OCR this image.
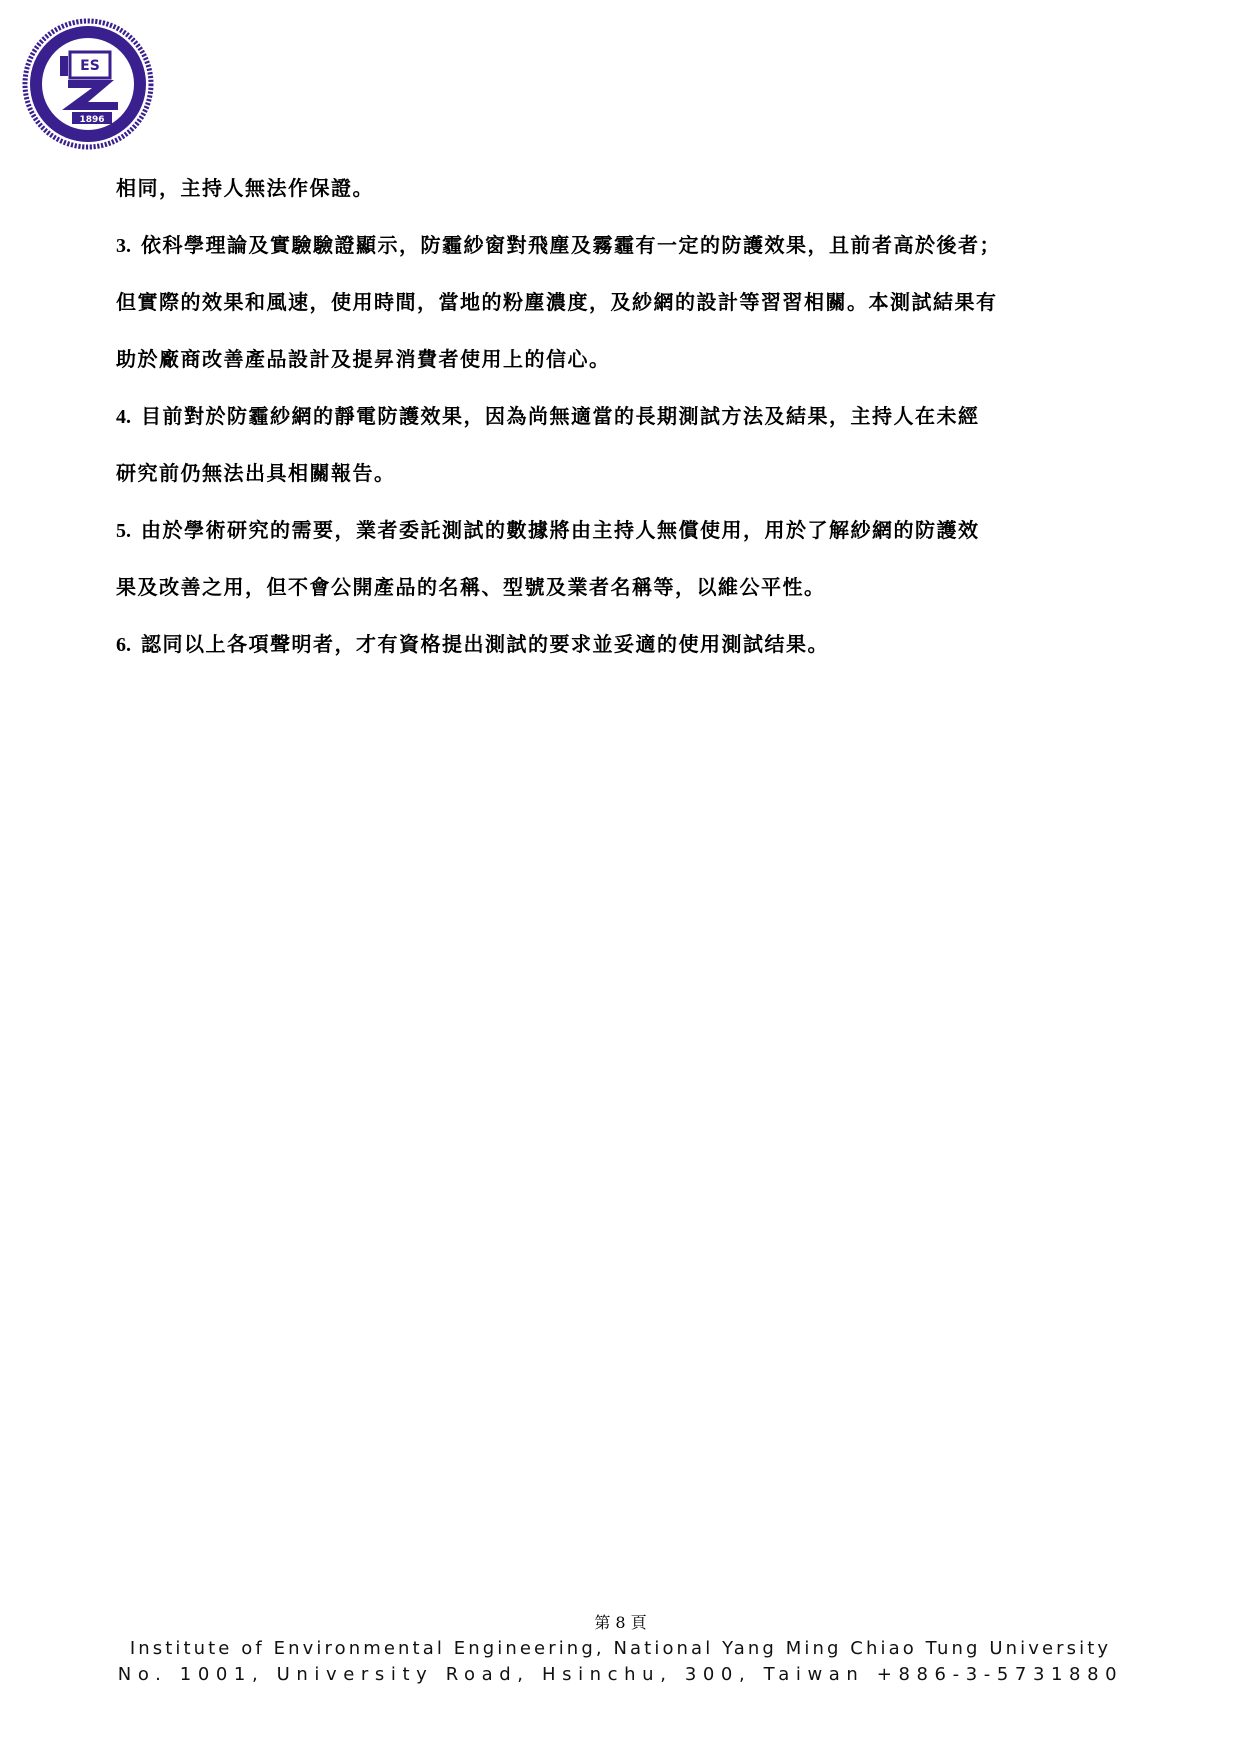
ES
1896
相同，主持人無法作保證。
3. 依科學理論及實驗驗證顯示，防霾紗窗對飛塵及霧霾有一定的防護效果，且前者高於後者；
但實際的效果和風速，使用時間，當地的粉塵濃度，及紗網的設計等習習相關。本測試結果有
助於廠商改善產品設計及提昇消費者使用上的信心。
4. 目前對於防霾紗網的靜電防護效果，因為尚無適當的長期測試方法及結果，主持人在未經
研究前仍無法出具相關報告。
5. 由於學術研究的需要，業者委託測試的數據將由主持人無償使用，用於了解紗網的防護效
果及改善之用，但不會公開產品的名稱、型號及業者名稱等，以維公平性。
6. 認同以上各項聲明者，才有資格提出測試的要求並妥適的使用測試结果。
第 8 頁
Institute of Environmental Engineering, National Yang Ming Chiao Tung University
No. 1001, University Road, Hsinchu, 300, Taiwan +886-3-5731880
